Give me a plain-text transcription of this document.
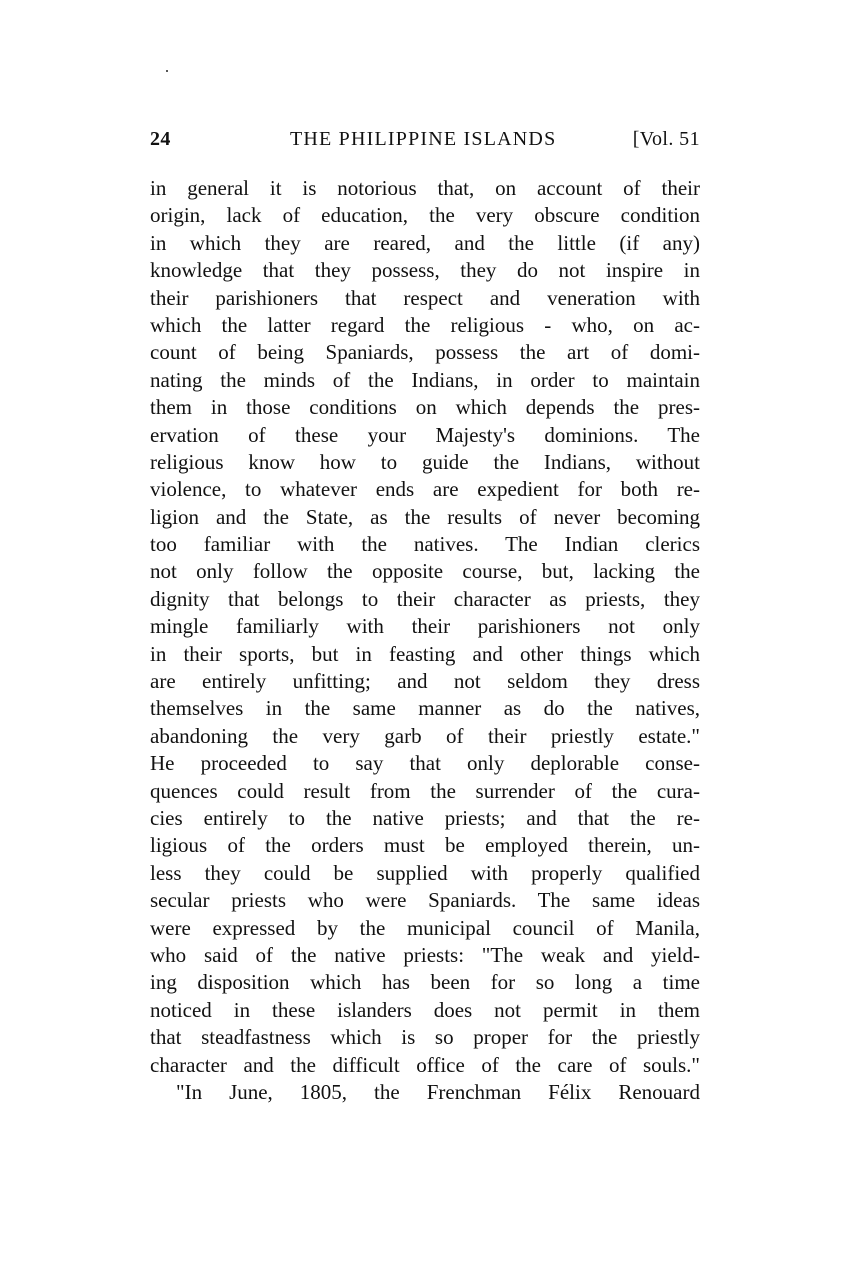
24	THE PHILIPPINE ISLANDS	[Vol. 51
in general it is notorious that, on account of their
origin, lack of education, the very obscure condition
in which they are reared, and the little (if any)
knowledge that they possess, they do not inspire in
their parishioners that respect and veneration with
which the latter regard the religious - who, on ac-
count of being Spaniards, possess the art of domi-
nating the minds of the Indians, in order to maintain
them in those conditions on which depends the pres-
ervation of these your Majesty's dominions. The
religious know how to guide the Indians, without
violence, to whatever ends are expedient for both re-
ligion and the State, as the results of never becoming
too familiar with the natives. The Indian clerics
not only follow the opposite course, but, lacking the
dignity that belongs to their character as priests, they
mingle familiarly with their parishioners not only
in their sports, but in feasting and other things which
are entirely unfitting; and not seldom they dress
themselves in the same manner as do the natives,
abandoning the very garb of their priestly estate."
He proceeded to say that only deplorable conse-
quences could result from the surrender of the cura-
cies entirely to the native priests; and that the re-
ligious of the orders must be employed therein, un-
less they could be supplied with properly qualified
secular priests who were Spaniards. The same ideas
were expressed by the municipal council of Manila,
who said of the native priests: "The weak and yield-
ing disposition which has been for so long a time
noticed in these islanders does not permit in them
that steadfastness which is so proper for the priestly
character and the difficult office of the care of souls."
"In June, 1805, the Frenchman Félix Renouard
